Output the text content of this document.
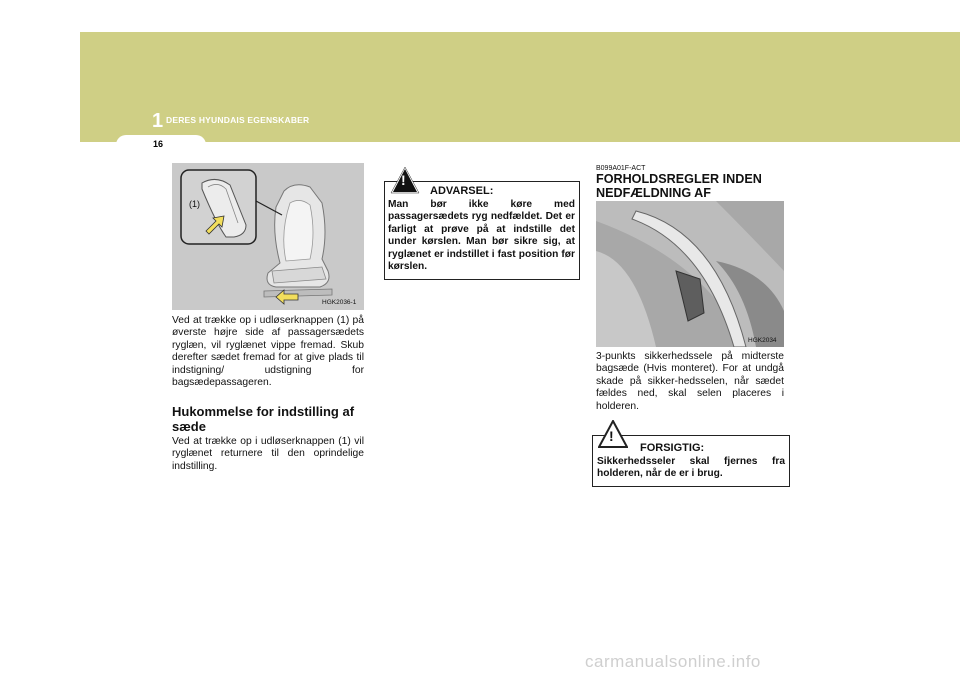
1 DERES HYUNDAIS EGENSKABER
16
(1)
HGK2036-1

Ved at trække op i udløserknappen (1) på øverste højre side af passagersædets ryglæn, vil ryglænet vippe fremad. Skub derefter sædet fremad for at give plads til indstigning/ udstigning for bagsædepassageren.

Hukommelse for indstilling af sæde

Ved at trække op i udløserknappen (1) vil ryglænet returnere til den oprindelige indstilling.

!
ADVARSEL:

Man bør ikke køre med passagersædets ryg nedfældet. Det er farligt at prøve på at indstille det under kørslen. Man bør sikre sig, at ryglænet er indstillet i fast position før kørslen.

B099A01F-ACT

FORHOLDSREGLER INDEN NEDFÆLDNING AF

HGK2034

3-punkts sikkerhedssele på midterste bagsæde (Hvis monteret). For at undgå skade på sikker-hedsselen, når sædet fældes ned, skal selen placeres i holderen.

!
FORSIGTIG:

Sikkerhedsseler skal fjernes fra holderen, når de er i brug.

carmanualsonline.info
